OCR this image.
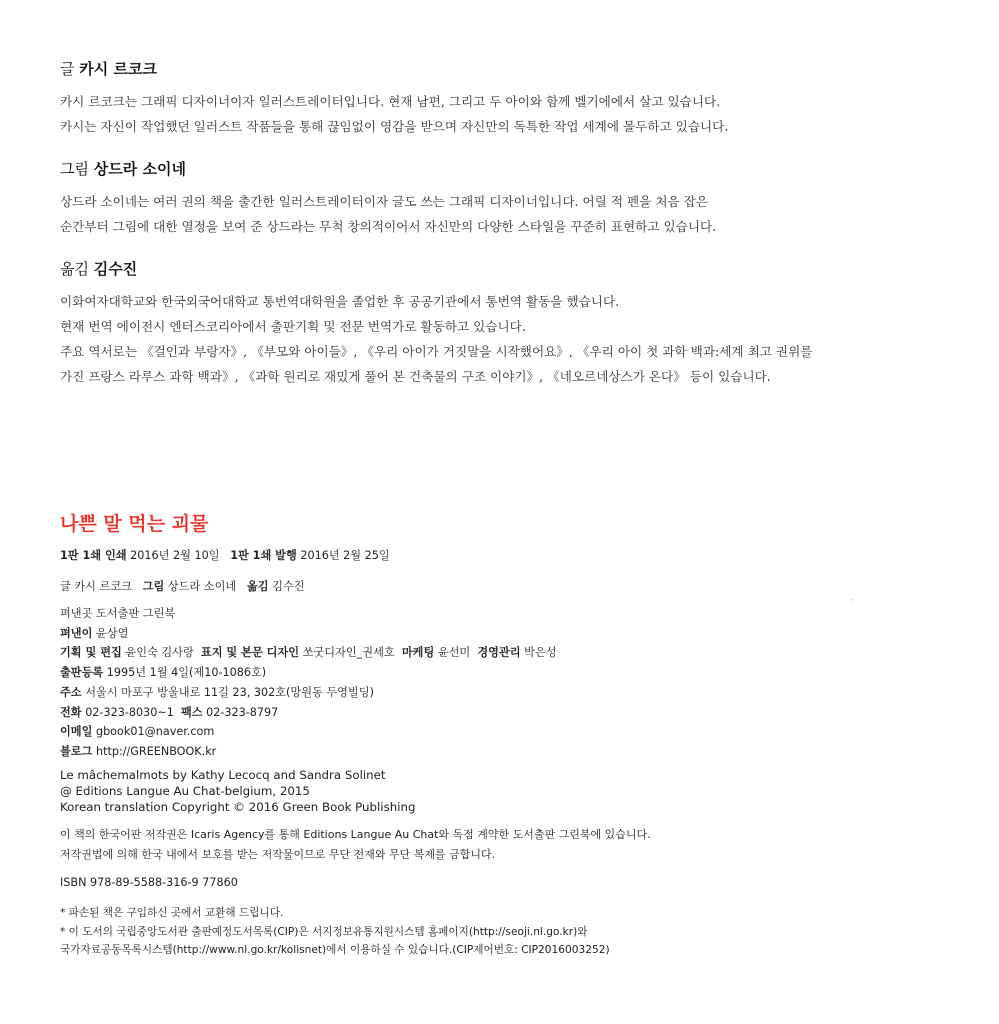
글 카시 르코크

카시 르코크는 그래픽 디자이너이자 일러스트레이터입니다. 현재 남편, 그리고 두 아이와 함께 벨기에에서 살고 있습니다.

카시는 자신이 작업했던 일러스트 작품들을 통해 끊임없이 영감을 받으며 자신만의 독특한 작업 세계에 몰두하고 있습니다.

그림 상드라 소이네

상드라 소이네는 여러 권의 책을 출간한 일러스트레이터이자 글도 쓰는 그래픽 디자이너입니다. 어릴 적 펜을 처음 잡은

순간부터 그림에 대한 열정을 보여 준 상드라는 무척 창의적이어서 자신만의 다양한 스타일을 꾸준히 표현하고 있습니다.

옮김 김수진

이화여자대학교와 한국외국어대학교 통번역대학원을 졸업한 후 공공기관에서 통번역 활동을 했습니다.

현재 번역 에이전시 엔터스코리아에서 출판기획 및 전문 번역가로 활동하고 있습니다.

주요 역서로는 《걸인과 부랑자》, 《부모와 아이들》, 《우리 아이가 거짓말을 시작했어요》, 《우리 아이 첫 과학 백과:세계 최고 권위를

가진 프랑스 라루스 과학 백과》, 《과학 원리로 재밌게 풀어 본 건축물의 구조 이야기》, 《네오르네상스가 온다》 등이 있습니다.

나쁜 말 먹는 괴물
1판 1쇄 인쇄 2016년 2월 10일 1판 1쇄 발행 2016년 2월 25일
글 카시 르코크 그림 상드라 소이네 옮김 김수진
펴낸곳 도서출판 그린북
펴낸이 윤상열
기획 및 편집 윤인숙 김사랑 표지 및 본문 디자인 쏘굿디자인_권세호 마케팅 윤선미 경영관리 박은성
출판등록 1995년 1월 4일(제10-1086호)
주소 서울시 마포구 방울내로 11길 23, 302호(망원동 두영빌딩)
전화 02-323-8030~1 팩스 02-323-8797
이메일 gbook01@naver.com
블로그 http://GREENBOOK.kr
Le mâchemalmots by Kathy Lecocq and Sandra Solinet
@ Editions Langue Au Chat-belgium, 2015
Korean translation Copyright © 2016 Green Book Publishing
이 책의 한국어판 저작권은 Icaris Agency를 통해 Editions Langue Au Chat와 독점 계약한 도서출판 그린북에 있습니다.
저작권법에 의해 한국 내에서 보호를 받는 저작물이므로 무단 전재와 무단 복제를 금합니다.
ISBN 978-89-5588-316-9 77860
* 파손된 책은 구입하신 곳에서 교환해 드립니다.
* 이 도서의 국립중앙도서관 출판예정도서목록(CIP)은 서지정보유통지원시스템 홈페이지(http://seoji.nl.go.kr)와
국가자료공동목록시스템(http://www.nl.go.kr/kolisnet)에서 이용하실 수 있습니다.(CIP제어번호: CIP2016003252)
